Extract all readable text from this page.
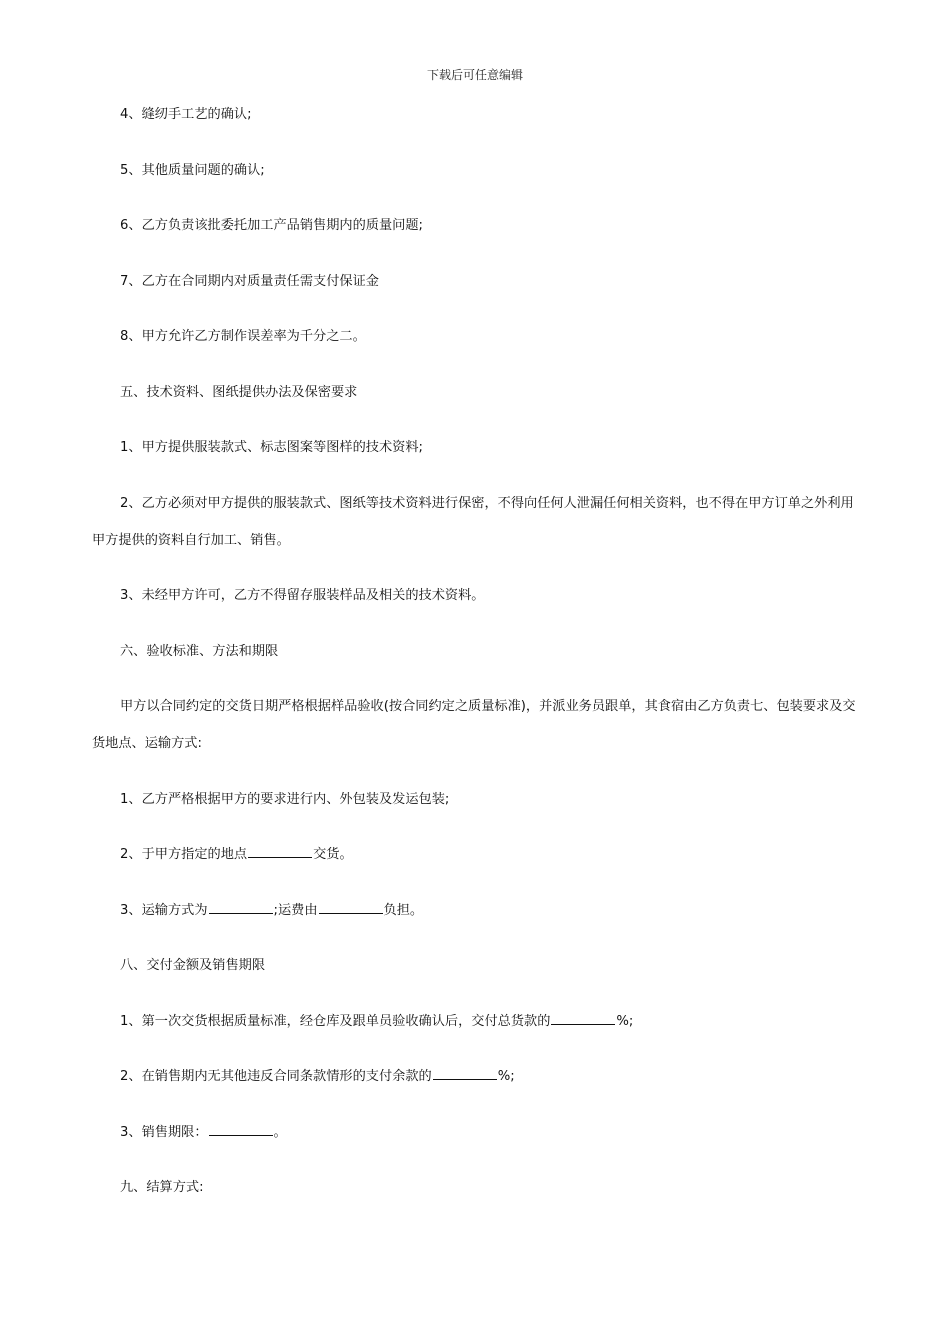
下载后可任意编辑

4、缝纫手工艺的确认;

5、其他质量问题的确认;

6、乙方负责该批委托加工产品销售期内的质量问题;

7、乙方在合同期内对质量责任需支付保证金

8、甲方允许乙方制作误差率为千分之二。

五、技术资料、图纸提供办法及保密要求

1、甲方提供服装款式、标志图案等图样的技术资料;

2、乙方必须对甲方提供的服装款式、图纸等技术资料进行保密，不得向任何人泄漏任何相关资料，也不得在甲方订单之外利用甲方提供的资料自行加工、销售。

3、未经甲方许可，乙方不得留存服装样品及相关的技术资料。

六、验收标准、方法和期限

甲方以合同约定的交货日期严格根据样品验收(按合同约定之质量标准)，并派业务员跟单，其食宿由乙方负责七、包装要求及交货地点、运输方式:

1、乙方严格根据甲方的要求进行内、外包装及发运包装;

2、于甲方指定的地点	交货。

3、运输方式为	;运费由	负担。

八、交付金额及销售期限

1、第一次交货根据质量标准，经仓库及跟单员验收确认后，交付总货款的	%;

2、在销售期内无其他违反合同条款情形的支付余款的	%;

3、销售期限：	。

九、结算方式:
